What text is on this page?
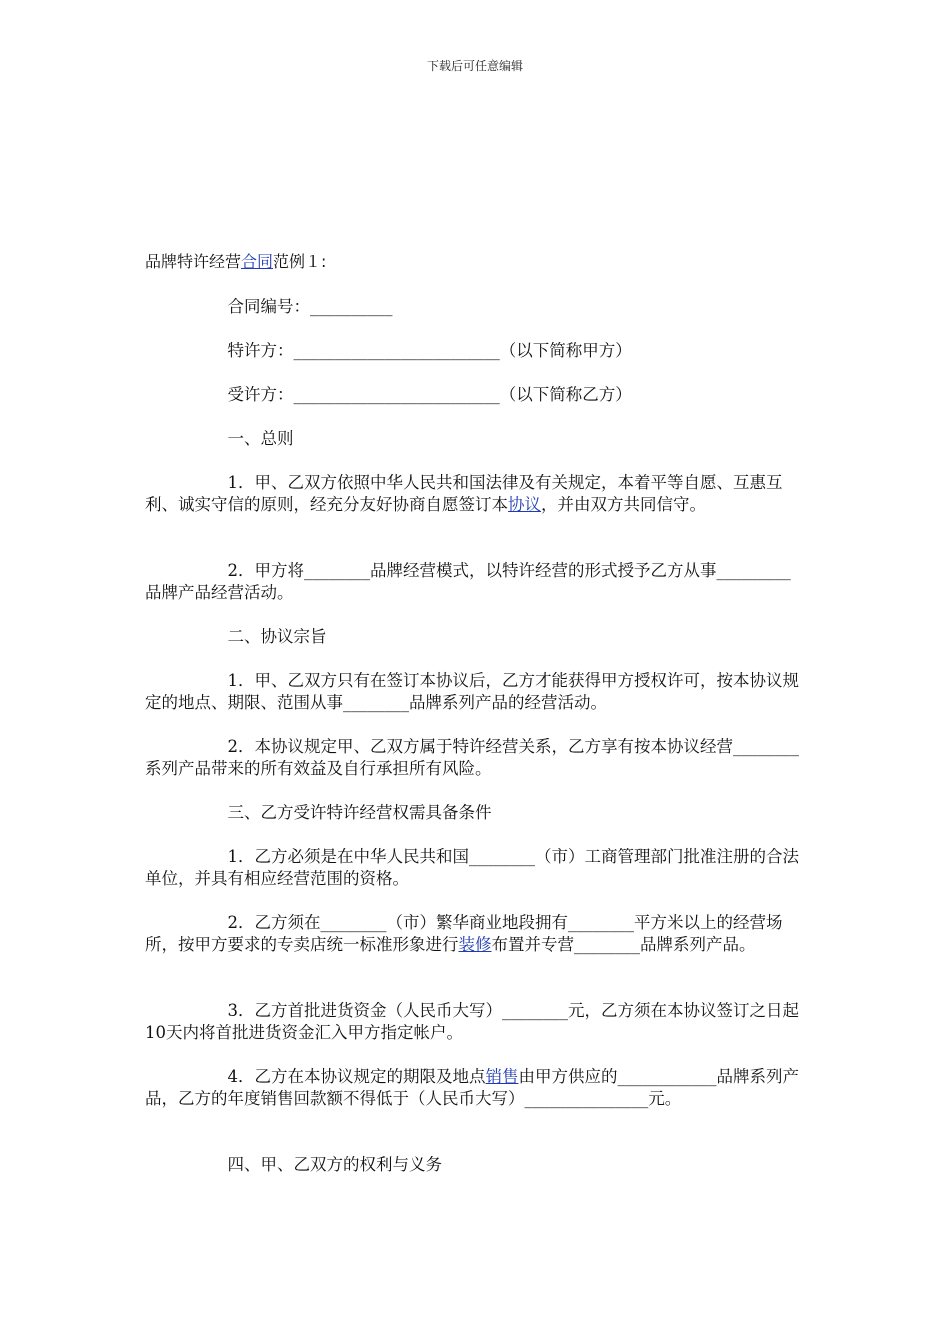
下载后可任意编辑
品牌特许经营合同范例１:
　　　　　合同编号：__________
　　　　　特许方：_________________________（以下简称甲方）
　　　　　受许方：_________________________（以下简称乙方）
　　　　　一、总则
　　　　　1．甲、乙双方依照中华人民共和国法律及有关规定，本着平等自愿、互惠互利、诚实守信的原则，经充分友好协商自愿签订本协议，并由双方共同信守。
　　　　　2．甲方将________品牌经营模式，以特许经营的形式授予乙方从事_________品牌产品经营活动。
　　　　　二、协议宗旨
　　　　　1．甲、乙双方只有在签订本协议后，乙方才能获得甲方授权许可，按本协议规定的地点、期限、范围从事________品牌系列产品的经营活动。
　　　　　2．本协议规定甲、乙双方属于特许经营关系，乙方享有按本协议经营________系列产品带来的所有效益及自行承担所有风险。
　　　　　三、乙方受许特许经营权需具备条件
　　　　　1．乙方必须是在中华人民共和国________（市）工商管理部门批准注册的合法单位，并具有相应经营范围的资格。
　　　　　2．乙方须在________（市）繁华商业地段拥有________平方米以上的经营场所，按甲方要求的专卖店统一标准形象进行装修布置并专营________品牌系列产品。
　　　　　3．乙方首批进货资金（人民币大写）________元，乙方须在本协议签订之日起10天内将首批进货资金汇入甲方指定帐户。
　　　　　4．乙方在本协议规定的期限及地点销售由甲方供应的____________品牌系列产品，乙方的年度销售回款额不得低于（人民币大写）_______________元。
　　　　　四、甲、乙双方的权利与义务
